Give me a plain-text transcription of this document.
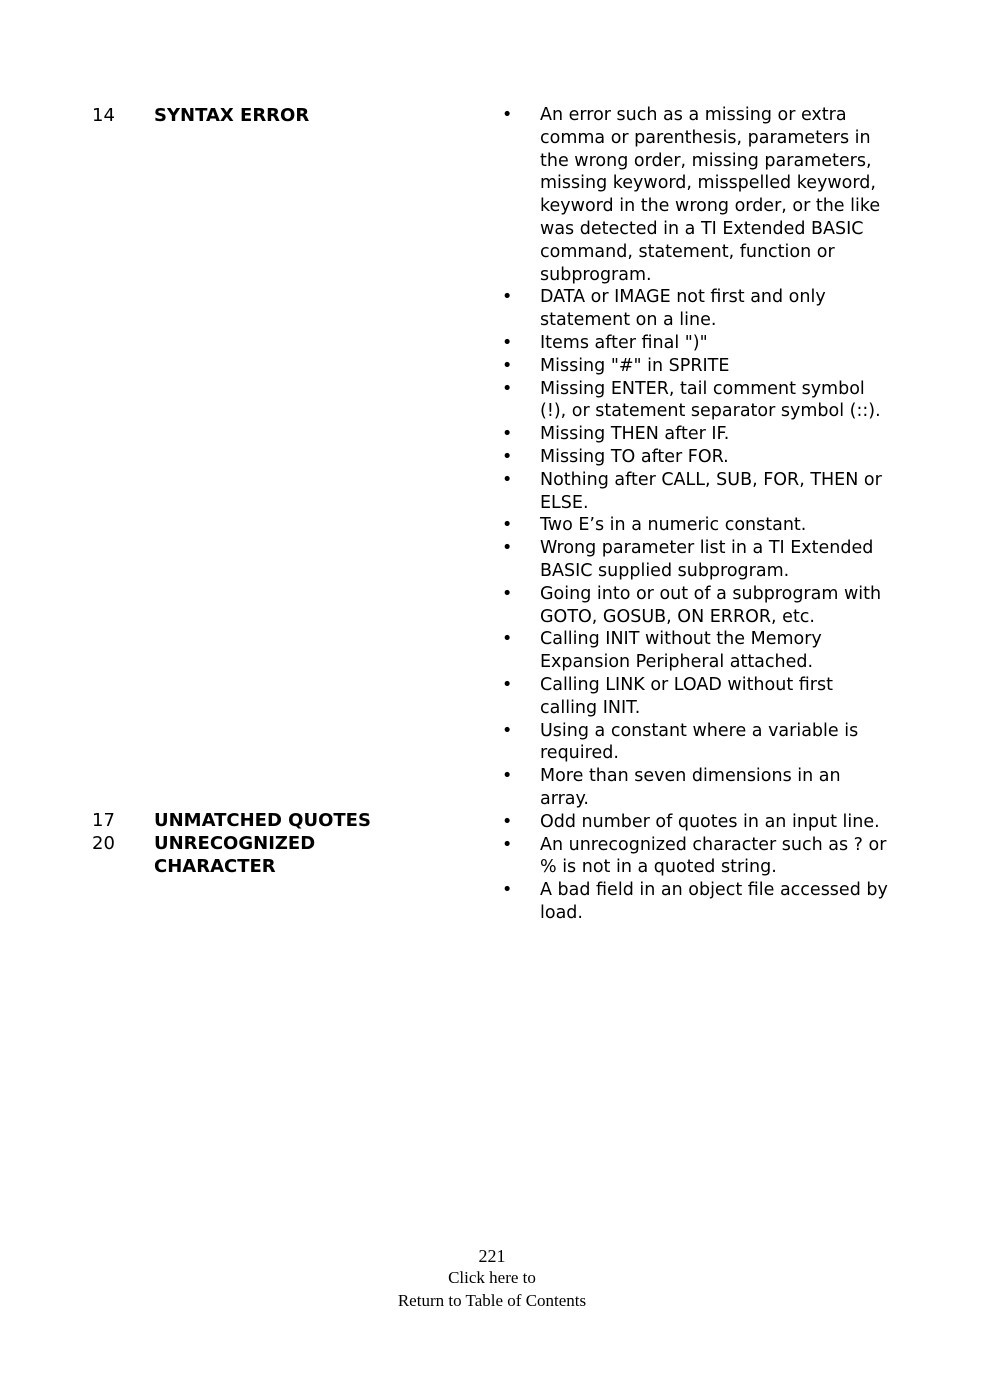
14 SYNTAX ERROR
17 UNMATCHED QUOTES
20 UNRECOGNIZED
CHARACTER
• An error such as a missing or extra comma or parenthesis, parameters in the wrong order, missing parameters, missing keyword, misspelled keyword, keyword in the wrong order, or the like was detected in a TI Extended BASIC command, statement, function or subprogram.
• DATA or IMAGE not first and only statement on a line.
• Items after final ")"
• Missing "#" in SPRITE
• Missing ENTER, tail comment symbol (!), or statement separator symbol (::).
• Missing THEN after IF.
• Missing TO after FOR.
• Nothing after CALL, SUB, FOR, THEN or ELSE.
• Two E’s in a numeric constant.
• Wrong parameter list in a TI Extended BASIC supplied subprogram.
• Going into or out of a subprogram with GOTO, GOSUB, ON ERROR, etc.
• Calling INIT without the Memory Expansion Peripheral attached.
• Calling LINK or LOAD without first calling INIT.
• Using a constant where a variable is required.
• More than seven dimensions in an array.
• Odd number of quotes in an input line.
• An unrecognized character such as ? or % is not in a quoted string.
• A bad field in an object file accessed by load.
221
Click here to
Return to Table of Contents
